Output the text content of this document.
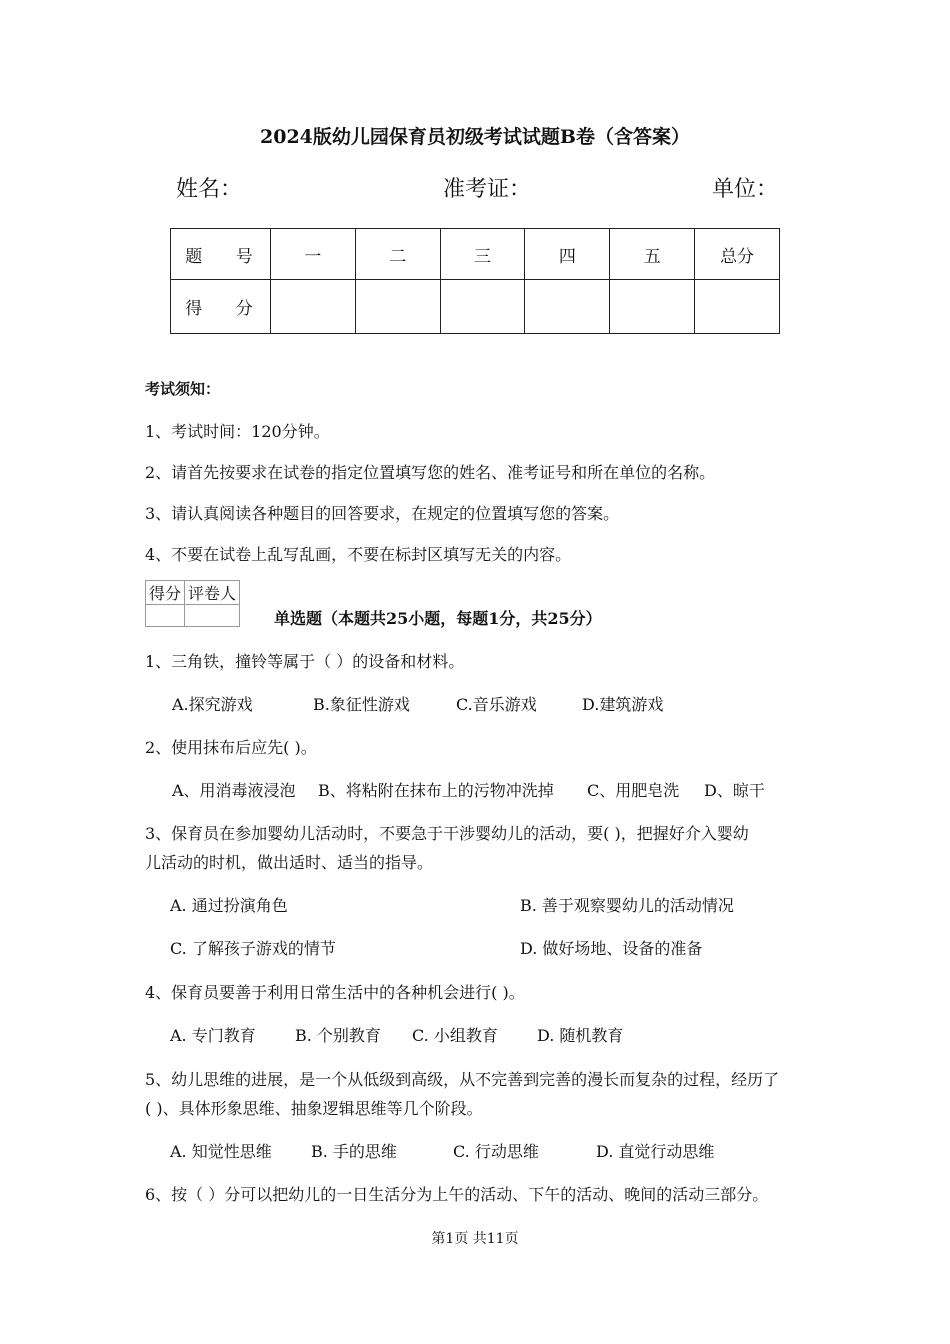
2024版幼儿园保育员初级考试试题B卷（含答案）
姓名：	准考证：	单位：
题 号	一	二	三	四	五	总分
得 分						
考试须知：
1、考试时间：120分钟。
2、请首先按要求在试卷的指定位置填写您的姓名、准考证号和所在单位的名称。
3、请认真阅读各种题目的回答要求，在规定的位置填写您的答案。
4、不要在试卷上乱写乱画，不要在标封区填写无关的内容。
得分	评卷人

单选题（本题共25小题，每题1分，共25分）
1、三角铁，撞铃等属于（ ）的设备和材料。
A.探究游戏	B.象征性游戏	C.音乐游戏	D.建筑游戏
2、使用抹布后应先( )。
A、用消毒液浸泡 B、将粘附在抹布上的污物冲洗掉 C、用肥皂洗 D、晾干
3、保育员在参加婴幼儿活动时，不要急于干涉婴幼儿的活动，要( )，把握好介入婴幼
儿活动的时机，做出适时、适当的指导。
A. 通过扮演角色	B. 善于观察婴幼儿的活动情况
C. 了解孩子游戏的情节	D. 做好场地、设备的准备
4、保育员要善于利用日常生活中的各种机会进行( )。
A. 专门教育 B. 个别教育 C. 小组教育 D. 随机教育
5、幼儿思维的进展，是一个从低级到高级，从不完善到完善的漫长而复杂的过程，经历了
( )、具体形象思维、抽象逻辑思维等几个阶段。
A. 知觉性思维 B. 手的思维	C. 行动思维	D. 直觉行动思维
6、按（ ）分可以把幼儿的一日生活分为上午的活动、下午的活动、晚间的活动三部分。
第1页 共11页
